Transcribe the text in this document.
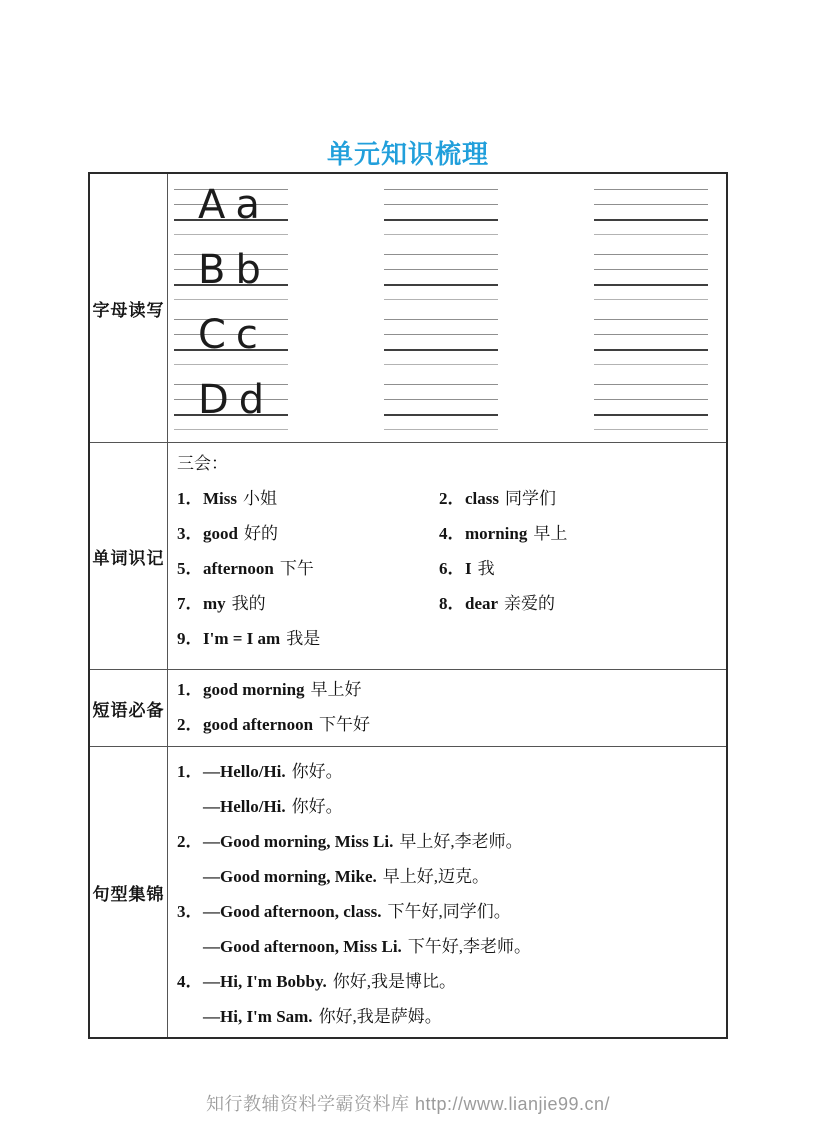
单元知识梳理
字母读写
Aa
Bb
Cc
Dd
单词识记
三会：
1．Miss 小姐	2．class 同学们
3．good 好的	4．morning 早上
5．afternoon 下午	6．I 我
7．my 我的	8．dear 亲爱的
9．I'm = I am 我是
短语必备
1．good morning 早上好
2．good afternoon 下午好
句型集锦
1．—Hello/Hi. 你好。
—Hello/Hi. 你好。
2．—Good morning, Miss Li. 早上好,李老师。
—Good morning, Mike. 早上好,迈克。
3．—Good afternoon, class. 下午好,同学们。
—Good afternoon, Miss Li. 下午好,李老师。
4．—Hi, I'm Bobby. 你好,我是博比。
—Hi, I'm Sam. 你好,我是萨姆。
知行教辅资料学霸资料库 http://www.lianjie99.cn/
